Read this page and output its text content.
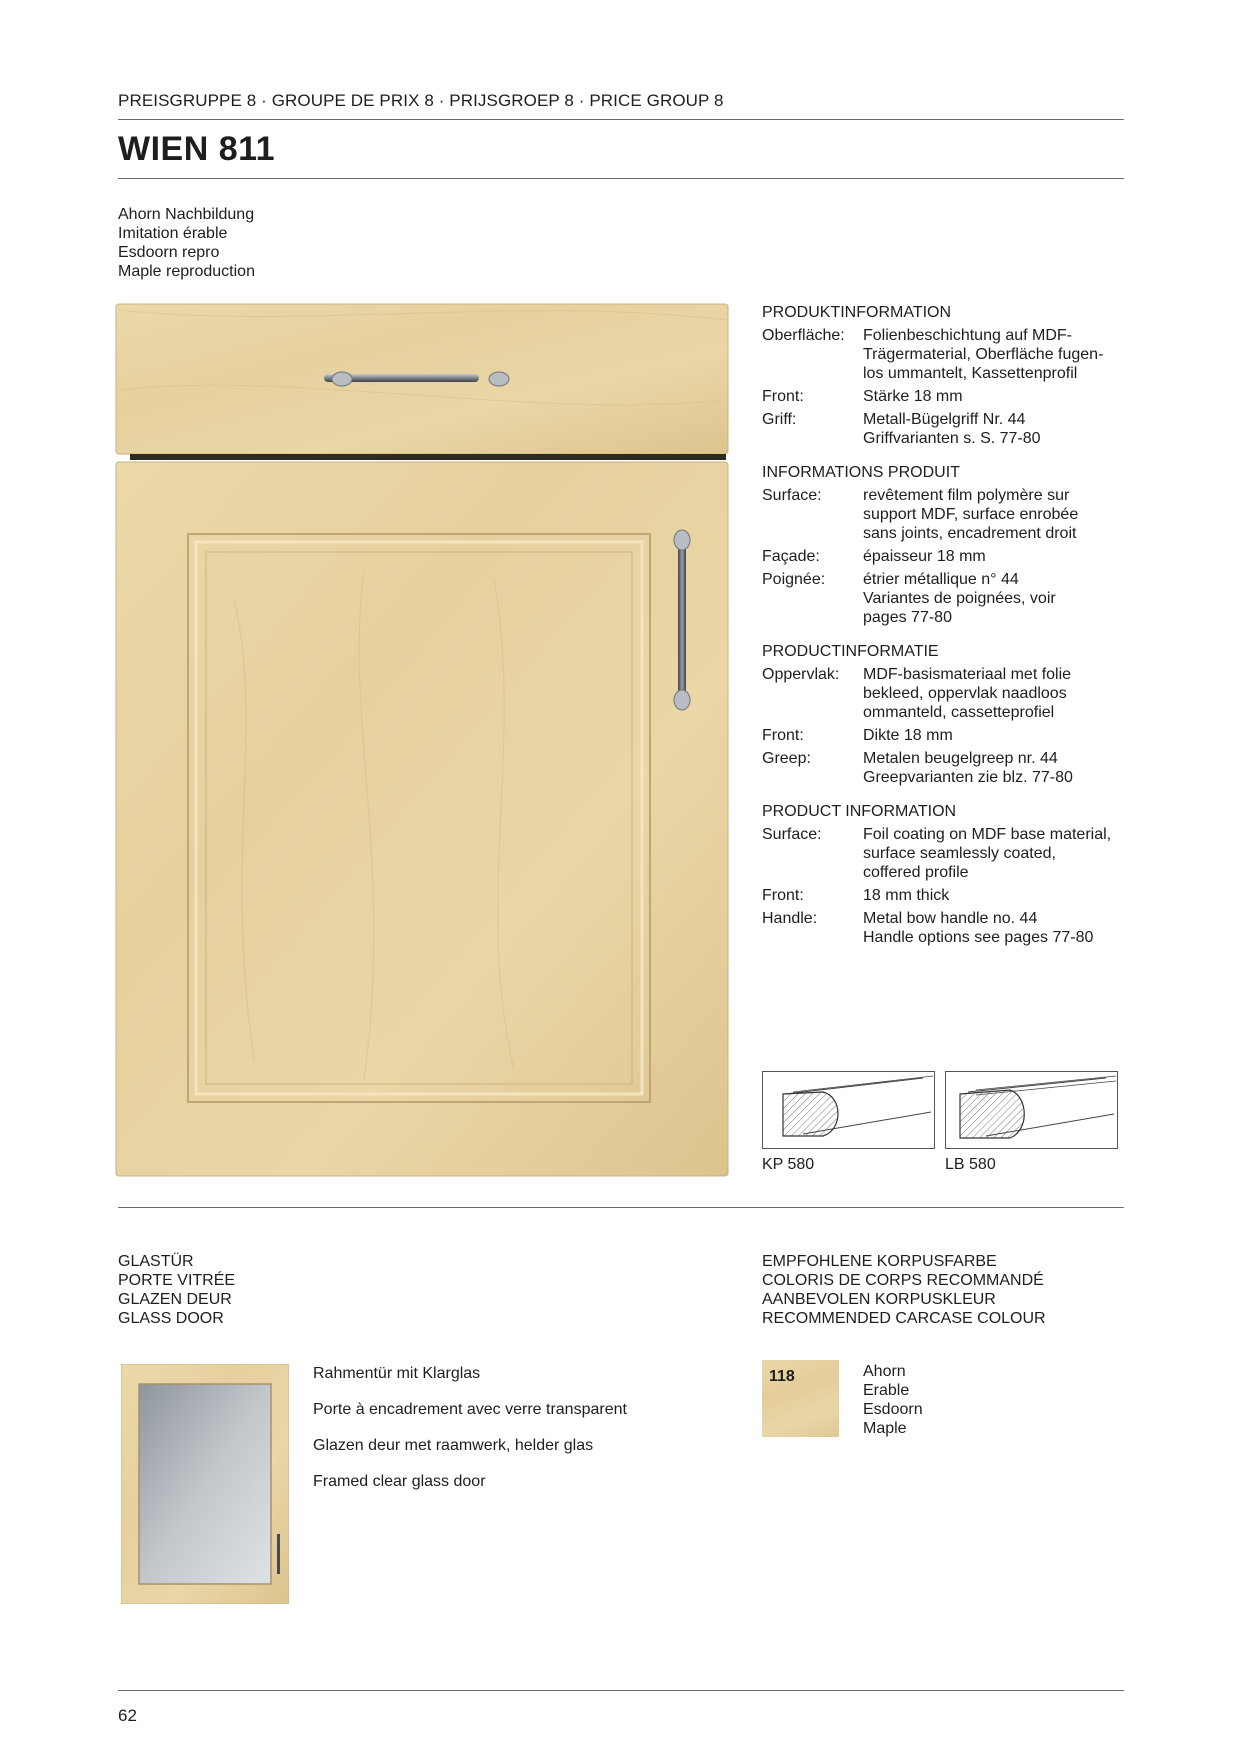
PREISGRUPPE 8 · GROUPE DE PRIX 8 · PRIJSGROEP 8 · PRICE GROUP 8
WIEN 811
Ahorn Nachbildung
Imitation érable
Esdoorn repro
Maple reproduction
PRODUKTINFORMATION
Oberfläche:	Folienbeschichtung auf MDF-
Trägermaterial, Oberfläche fugen-
los ummantelt, Kassettenprofil
Front:	Stärke 18 mm
Griff:	Metall-Bügelgriff Nr. 44
Griffvarianten s. S. 77-80
INFORMATIONS PRODUIT
Surface:	revêtement film polymère sur
support MDF, surface enrobée
sans joints, encadrement droit
Façade:	épaisseur 18 mm
Poignée:	étrier métallique n° 44
Variantes de poignées, voir
pages 77-80
PRODUCTINFORMATIE
Oppervlak:	MDF-basismateriaal met folie
bekleed, oppervlak naadloos
ommanteld, cassetteprofiel
Front:	Dikte 18 mm
Greep:	Metalen beugelgreep nr. 44
Greepvarianten zie blz. 77-80
PRODUCT INFORMATION
Surface:	Foil coating on MDF base material,
surface seamlessly coated,
coffered profile
Front:	18 mm thick
Handle:	Metal bow handle no. 44
Handle options see pages 77-80
KP 580	LB 580
GLASTÜR
PORTE VITRÉE
GLAZEN DEUR
GLASS DOOR
Rahmentür mit Klarglas
Porte à encadrement avec verre transparent
Glazen deur met raamwerk, helder glas
Framed clear glass door
EMPFOHLENE KORPUSFARBE
COLORIS DE CORPS RECOMMANDÉ
AANBEVOLEN KORPUSKLEUR
RECOMMENDED CARCASE COLOUR
118	Ahorn
Erable
Esdoorn
Maple
62
